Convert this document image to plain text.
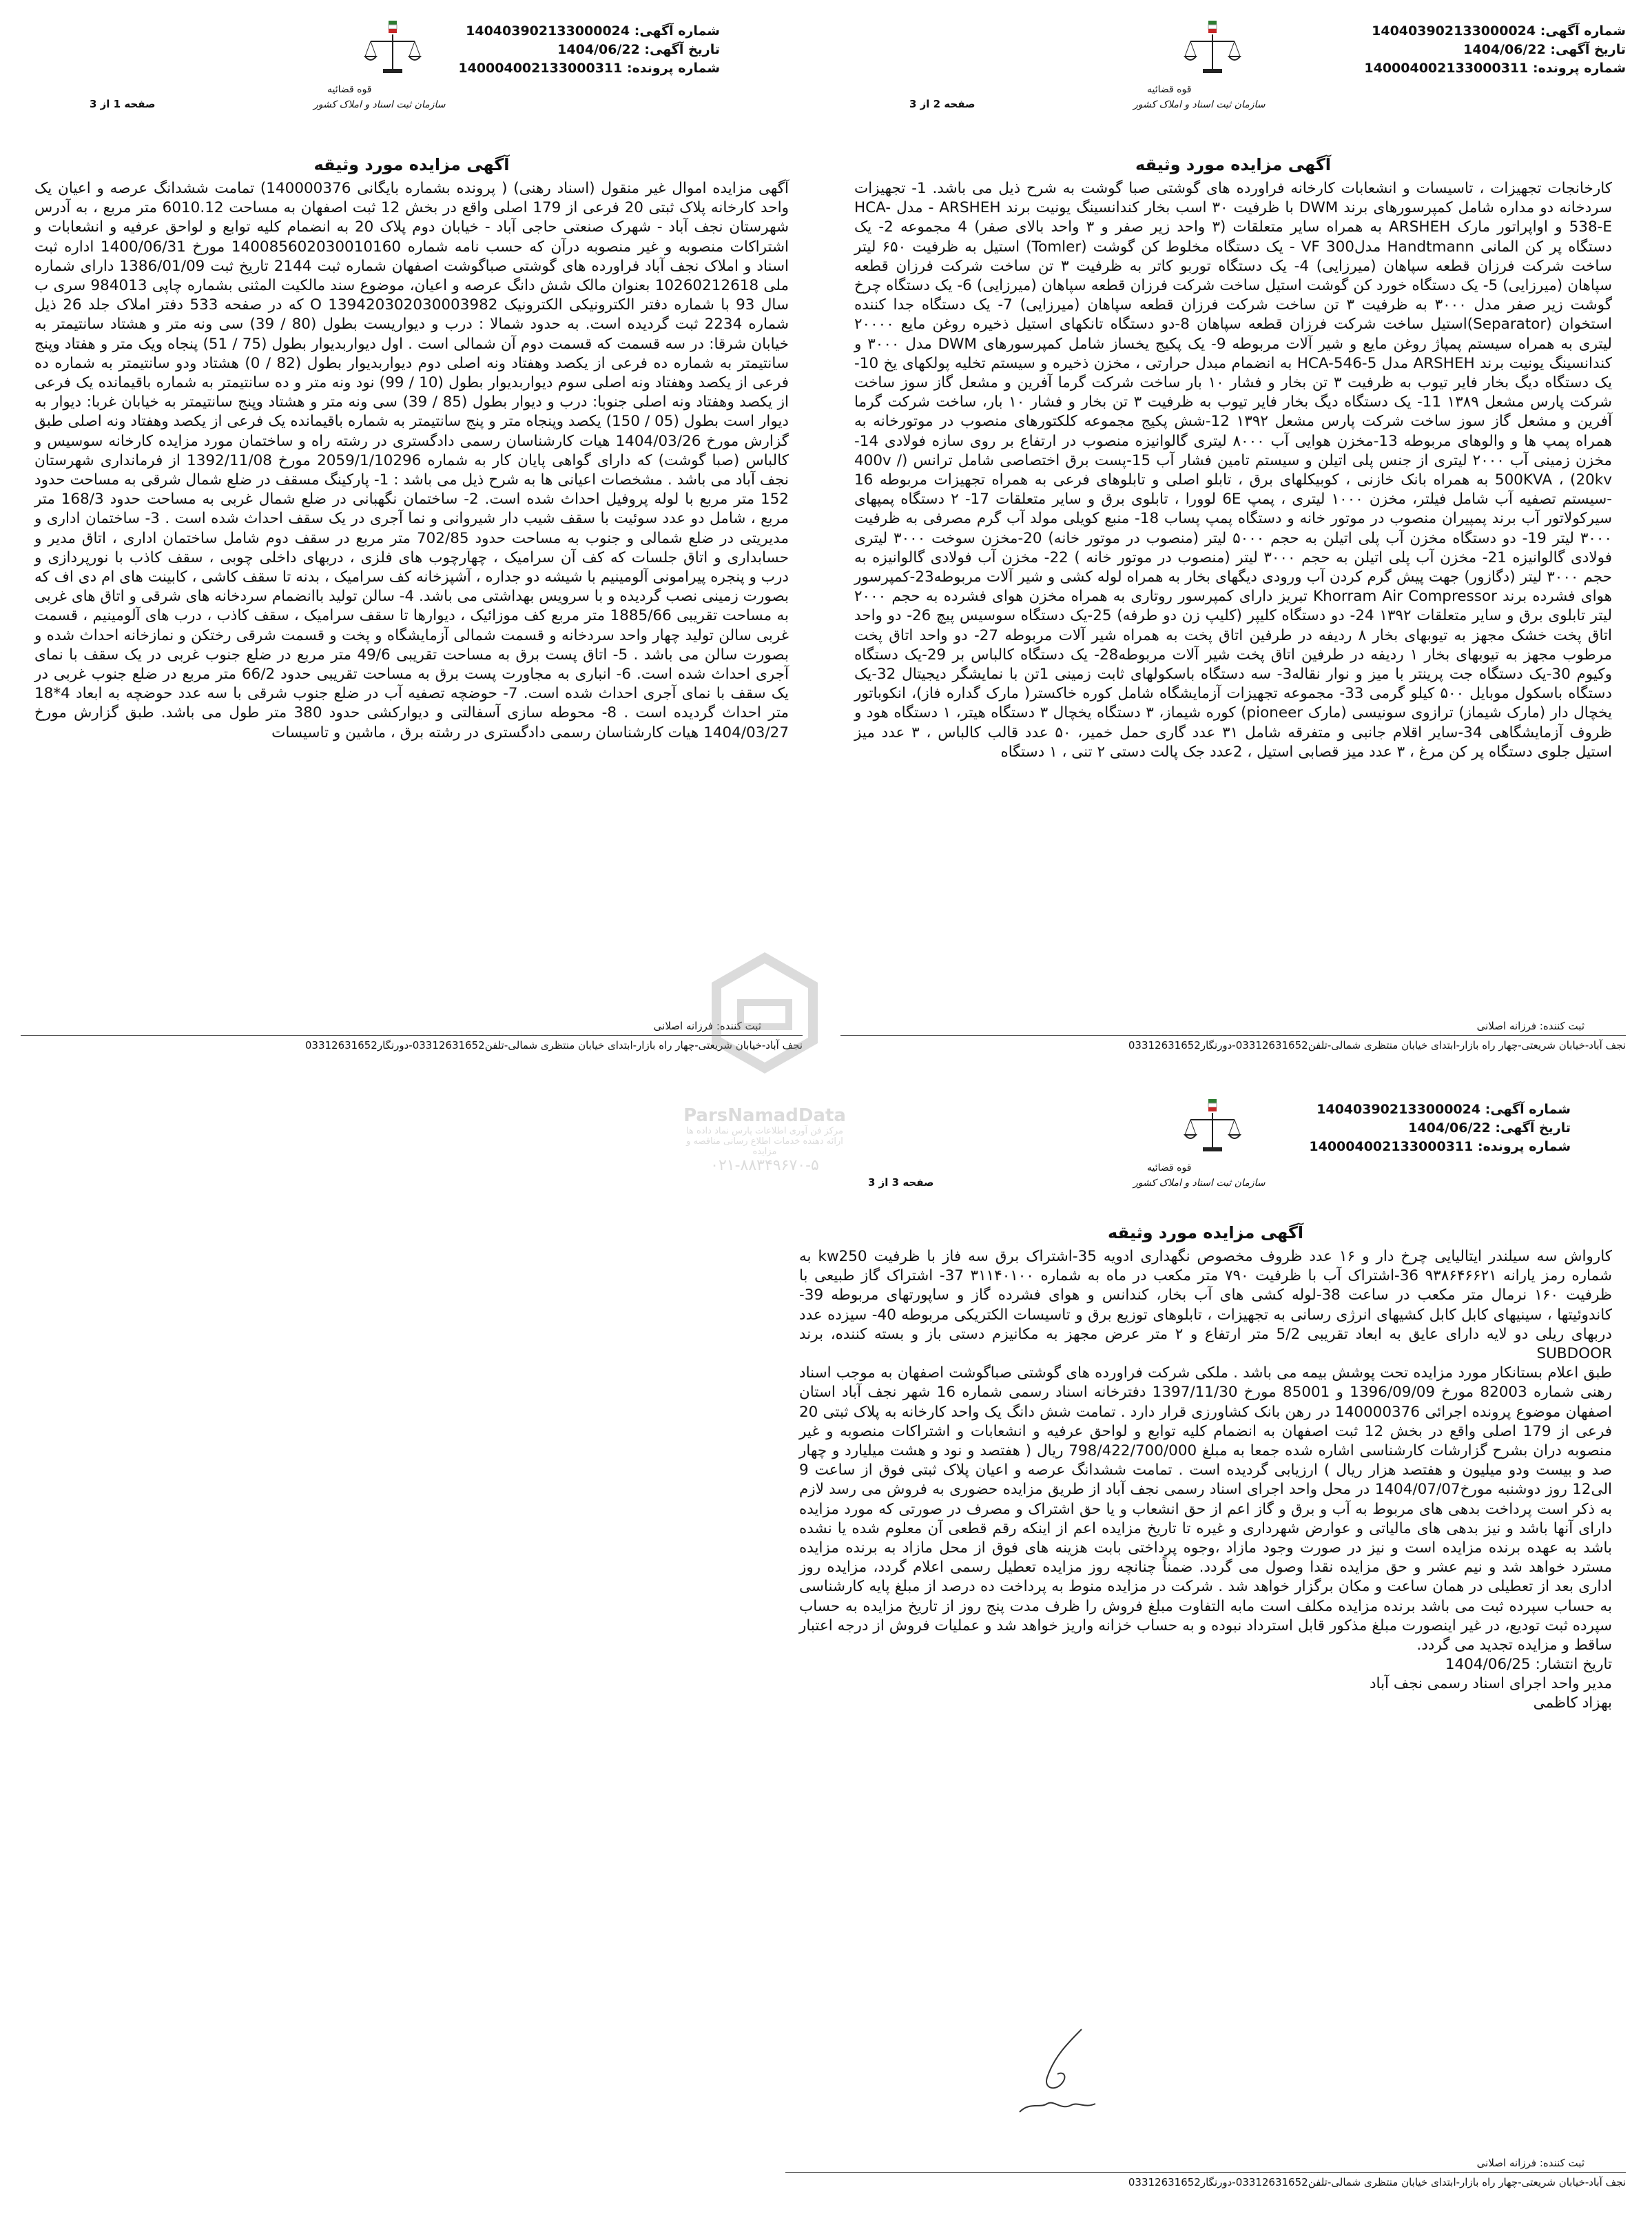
شماره آگهی: 140403902133000024
تاریخ آگهی: 1404/06/22
شماره پرونده: 140004002133000311
قوه قضائیه
سازمان ثبت اسناد و املاک کشور
صفحه 1 از 3
آگهی مزایده مورد وثیقه
آگهی مزایده اموال غیر منقول (اسناد رهنی) ( پرونده بشماره بایگانی 140000376) تمامت ششدانگ عرصه و اعیان یک واحد کارخانه پلاک ثبتی 20 فرعی از 179 اصلی واقع در بخش 12 ثبت اصفهان به مساحت 6010.12 متر مربع ، به آدرس شهرستان نجف آباد - شهرک صنعتی حاجی آباد - خیابان دوم پلاک 20 به انضمام کلیه توابع و لواحق عرفیه و انشعابات و اشتراکات منصوبه و غیر منصوبه درآن که حسب نامه شماره 140085602030010160 مورخ 1400/06/31 اداره ثبت اسناد و املاک نجف آباد فراورده های گوشتی صباگوشت اصفهان شماره ثبت 2144 تاریخ ثبت 1386/01/09 دارای شماره ملی 10260212618 بعنوان مالک شش دانگ عرصه و اعیان، موضوع سند مالکیت المثنی بشماره چاپی 984013 سری ب سال 93 با شماره دفتر الکترونیکی الکترونیک O 139420302030003982 که در صفحه 533 دفتر املاک جلد 26 ذیل شماره 2234 ثبت گردیده است. به حدود شمالا : درب و دیواریست بطول (80 / 39) سی ونه متر و هشتاد سانتیمتر به خیابان شرقا: در سه قسمت که قسمت دوم آن شمالی است . اول دیواربدیوار بطول (75 / 51) پنجاه ویک متر و هفتاد وپنج سانتیمتر به شماره ده فرعی از یکصد وهفتاد ونه اصلی دوم دیواربدیوار بطول (82 / 0) هشتاد ودو سانتیمتر به شماره ده فرعی از یکصد وهفتاد ونه اصلی سوم دیواربدیوار بطول (10 / 99) نود ونه متر و ده سانتیمتر به شماره باقیمانده یک فرعی از یکصد وهفتاد ونه اصلی جنوبا: درب و دیوار بطول (85 / 39) سی ونه متر و هشتاد وپنج سانتیمتر به خیابان غربا: دیوار به دیوار است بطول (05 / 150) یکصد وپنجاه متر و پنج سانتیمتر به شماره باقیمانده یک فرعی از یکصد وهفتاد ونه اصلی طبق گزارش مورخ 1404/03/26 هیات کارشناسان رسمی دادگستری در رشته راه و ساختمان مورد مزایده کارخانه سوسیس و کالباس (صبا گوشت) که دارای گواهی پایان کار به شماره 2059/1/10296 مورخ 1392/11/08 از فرمانداری شهرستان نجف آباد می باشد . مشخصات اعیانی ها به شرح ذیل می باشد : 1- پارکینگ مسقف در ضلع شمال شرقی به مساحت حدود 152 متر مربع با لوله پروفیل احداث شده است. 2- ساختمان نگهبانی در ضلع شمال غربی به مساحت حدود 168/3 متر مربع ، شامل دو عدد سوئیت با سقف شیب دار شیروانی و نما آجری در یک سقف احداث شده است . 3- ساختمان اداری و مدیریتی در ضلع شمالی و جنوب به مساحت حدود 702/85 متر مربع در سقف دوم شامل ساختمان اداری ، اتاق مدیر و حسابداری و اتاق جلسات که کف آن سرامیک ، چهارچوب های فلزی ، دربهای داخلی چوبی ، سقف کاذب با نورپردازی و درب و پنجره پیرامونی آلومینیم با شیشه دو جداره ، آشپزخانه کف سرامیک ، بدنه تا سقف کاشی ، کابینت های ام دی اف که بصورت زمینی نصب گردیده و با سرویس بهداشتی می باشد. 4- سالن تولید باانضمام سردخانه های شرقی و اتاق های غربی به مساحت تقریبی 1885/66 متر مربع کف موزائیک ، دیوارها تا سقف سرامیک ، سقف کاذب ، درب های آلومینیم ، قسمت غربی سالن تولید چهار واحد سردخانه و قسمت شمالی آزمایشگاه و پخت و قسمت شرقی رختکن و نمازخانه احداث شده و بصورت سالن می باشد . 5- اتاق پست برق به مساحت تقریبی 49/6 متر مربع در ضلع جنوب غربی در یک سقف با نمای آجری احداث شده است. 6- انباری به مجاورت پست برق به مساحت تقریبی حدود 66/2 متر مربع در ضلع جنوب غربی در یک سقف با نمای آجری احداث شده است. 7- حوضچه تصفیه آب در ضلع جنوب شرقی با سه عدد حوضچه به ابعاد 4*18 متر احداث گردیده است . 8- محوطه سازی آسفالتی و دیوارکشی حدود 380 متر طول می باشد. طبق گزارش مورخ 1404/03/27 هیات کارشناسان رسمی دادگستری در رشته برق ، ماشین و تاسیسات
ثبت کننده: فرزانه اصلانی
نجف آباد-خیابان شریعتی-چهار راه بازار-ابتدای خیابان منتظری شمالی-تلفن03312631652-دورنگار03312631652
شماره آگهی: 140403902133000024
تاریخ آگهی: 1404/06/22
شماره پرونده: 140004002133000311
قوه قضائیه
سازمان ثبت اسناد و املاک کشور
صفحه 2 از 3
آگهی مزایده مورد وثیقه
کارخانجات تجهیزات ، تاسیسات و انشعابات کارخانه فراورده های گوشتی صبا گوشت به شرح ذیل می باشد. 1- تجهیزات سردخانه دو مداره شامل کمپرسورهای برند DWM با ظرفیت ۳۰ اسب بخار کندانسینگ یونیت برند ARSHEH - مدل HCA-538-E و اواپراتور مارک ARSHEH به همراه سایر متعلقات (۳ واحد زیر صفر و ۳ واحد بالای صفر) 4 مجموعه 2- یک دستگاه پر کن المانی Handtmann مدل300 VF - یک دستگاه مخلوط کن گوشت (Tomler) استیل به ظرفیت ۶۵۰ لیتر ساخت شرکت فرزان قطعه سپاهان (میرزایی) 4- یک دستگاه توربو کاتر به ظرفیت ۳ تن ساخت شرکت فرزان قطعه سپاهان (میرزایی) 5- یک دستگاه خورد کن گوشت استیل ساخت شرکت فرزان قطعه سپاهان (میرزایی) 6- یک دستگاه چرخ گوشت زیر صفر مدل ۳۰۰۰ به ظرفیت ۳ تن ساخت شرکت فرزان قطعه سپاهان (میرزایی) 7- یک دستگاه جدا کننده استخوان (Separator)استیل ساخت شرکت فرزان قطعه سپاهان 8-دو دستگاه تانکهای استیل ذخیره روغن مایع ۲۰۰۰۰ لیتری به همراه سیستم پمپاژ روغن مایع و شیر آلات مربوطه 9- یک پکیج یخساز شامل کمپرسورهای DWM مدل ۳۰۰۰ و کندانسینگ یونیت برند ARSHEH مدل HCA-546-5 به انضمام مبدل حرارتی ، مخزن ذخیره و سیستم تخلیه پولکهای یخ 10- یک دستگاه دیگ بخار فایر تیوب به ظرفیت ۳ تن بخار و فشار ۱۰ بار ساخت شرکت گرما آفرین و مشعل گاز سوز ساخت شرکت پارس مشعل ۱۳۸۹ 11- یک دستگاه دیگ بخار فایر تیوب به ظرفیت ۳ تن بخار و فشار ۱۰ بار، ساخت شرکت گرما آفرین و مشعل گاز سوز ساخت شرکت پارس مشعل ۱۳۹۲ 12-شش پکیج مجموعه کلکتورهای منصوب در موتورخانه به همراه پمپ ها و والوهای مربوطه 13-مخزن هوایی آب ۸۰۰۰ لیتری گالوانیزه منصوب در ارتفاع بر روی سازه فولادی 14- مخزن زمینی آب ۲۰۰۰ لیتری از جنس پلی اتیلن و سیستم تامین فشار آب 15-پست برق اختصاصی شامل ترانس (400v / 20kv) ، 500KVA به همراه بانک خازنی ، کوبیکلهای برق ، تابلو اصلی و تابلوهای فرعی به همراه تجهیزات مربوطه 16 -سیستم تصفیه آب شامل فیلتر، مخزن ۱۰۰۰ لیتری ، پمپ 6E لوورا ، تابلوی برق و سایر متعلقات 17- ۲ دستگاه پمپهای سیرکولاتور آب برند پمپیران منصوب در موتور خانه و دستگاه پمپ پساب 18- منبع کویلی مولد آب گرم مصرفی به ظرفیت ۳۰۰۰ لیتر 19- دو دستگاه مخزن آب پلی اتیلن به حجم ۵۰۰۰ لیتر (منصوب در موتور خانه) 20-مخزن سوخت ۳۰۰۰ لیتری فولادی گالوانیزه 21- مخزن آب پلی اتیلن به حجم ۳۰۰۰ لیتر (منصوب در موتور خانه ) 22- مخزن آب فولادی گالوانیزه به حجم ۳۰۰۰ لیتر (دگازور) جهت پیش گرم کردن آب ورودی دیگهای بخار به همراه لوله کشی و شیر آلات مربوطه23-کمپرسور هوای فشرده برند Khorram Air Compressor تبریز دارای کمپرسور روتاری به همراه مخزن هوای فشرده به حجم ۲۰۰۰ لیتر تابلوی برق و سایر متعلقات ۱۳۹۲ 24- دو دستگاه کلیپر (کلیپ زن دو طرفه) 25-یک دستگاه سوسیس پیچ 26- دو واحد اتاق پخت خشک مجهز به تیوبهای بخار ۸ ردیفه در طرفین اتاق پخت به همراه شیر آلات مربوطه 27- دو واحد اتاق پخت مرطوب مجهز به تیوبهای بخار ۱ ردیفه در طرفین اتاق پخت شیر آلات مربوطه28- یک دستگاه کالباس بر 29-یک دستگاه وکیوم 30-یک دستگاه جت پرینتر با میز و نوار نقاله3- سه دستگاه باسکولهای ثابت زمینی 1تن با نمایشگر دیجیتال 32-یک دستگاه باسکول موبایل ۵۰۰ کیلو گرمی 33- مجموعه تجهیزات آزمایشگاه شامل کوره خاکستر( مارک گداره فاز)، انکوباتور یخچال دار (مارک شیماز) ترازوی سونیسی (مارک pioneer) کوره شیماز، ۳ دستگاه یخچال ۳ دستگاه هیتر، ۱ دستگاه هود و ظروف آزمایشگاهی 34-سایر اقلام جانبی و متفرقه شامل ۳۱ عدد گاری حمل خمیر، ۵۰ عدد قالب کالباس ، ۳ عدد میز استیل جلوی دستگاه پر کن مرغ ، ۳ عدد میز قصابی استیل ، 2عدد جک پالت دستی ۲ تنی ، ۱ دستگاه
ثبت کننده: فرزانه اصلانی
نجف آباد-خیابان شریعتی-چهار راه بازار-ابتدای خیابان منتظری شمالی-تلفن03312631652-دورنگار03312631652
شماره آگهی: 140403902133000024
تاریخ آگهی: 1404/06/22
شماره پرونده: 140004002133000311
قوه قضائیه
سازمان ثبت اسناد و املاک کشور
صفحه 3 از 3
آگهی مزایده مورد وثیقه
کارواش سه سیلندر ایتالیایی چرخ دار و ۱۶ عدد ظروف مخصوص نگهداری ادویه 35-اشتراک برق سه فاز با ظرفیت kw250 به شماره رمز یارانه ۹۳۸۶۴۶۶۲۱ 36-اشتراک آب با ظرفیت ۷۹۰ متر مکعب در ماه به شماره ۳۱۱۴۰۱۰۰ 37- اشتراک گاز طبیعی با ظرفیت ۱۶۰ نرمال متر مکعب در ساعت 38-لوله کشی های آب بخار، کندانس و هوای فشرده گاز و ساپورتهای مربوطه 39- کاندوئیتها ، سینیهای کابل کابل کشیهای انرژی رسانی به تجهیزات ، تابلوهای توزیع برق و تاسیسات الکتریکی مربوطه 40- سیزده عدد دربهای ریلی دو لایه دارای عایق به ابعاد تقریبی 5/2 متر ارتفاع و ۲ متر عرض مجهز به مکانیزم دستی باز و بسته کننده، برند SUBDOOR
طبق اعلام بستانکار مورد مزایده تحت پوشش بیمه می باشد . ملکی شرکت فراورده های گوشتی صباگوشت اصفهان به موجب اسناد رهنی شماره 82003 مورخ 1396/09/09 و 85001 مورخ 1397/11/30 دفترخانه اسناد رسمی شماره 16 شهر نجف آباد استان اصفهان موضوع پرونده اجرائی 140000376 در رهن بانک کشاورزی قرار دارد . تمامت شش دانگ یک واحد کارخانه به پلاک ثبتی 20 فرعی از 179 اصلی واقع در بخش 12 ثبت اصفهان به انضمام کلیه توابع و لواحق عرفیه و انشعابات و اشتراکات منصوبه و غیر منصوبه دران بشرح گزارشات کارشناسی اشاره شده جمعا به مبلغ 798/422/700/000 ریال ( هفتصد و نود و هشت میلیارد و چهار صد و بیست ودو میلیون و هفتصد هزار ریال ) ارزیابی گردیده است . تمامت ششدانگ عرصه و اعیان پلاک ثبتی فوق از ساعت 9 الی12 روز دوشنبه مورخ1404/07/07 در محل واحد اجرای اسناد رسمی نجف آباد از طریق مزایده حضوری به فروش می رسد لازم به ذکر است پرداخت بدهی های مربوط به آب و برق و گاز اعم از حق انشعاب و یا حق اشتراک و مصرف در صورتی که مورد مزایده دارای آنها باشد و نیز بدهی های مالیاتی و عوارض شهرداری و غیره تا تاریخ مزایده اعم از اینکه رقم قطعی آن معلوم شده یا نشده باشد به عهده برنده مزایده است و نیز در صورت وجود مازاد ،وجوه پرداختی بابت هزینه های فوق از محل مازاد به برنده مزایده مسترد خواهد شد و نیم عشر و حق مزایده نقدا وصول می گردد. ضمناً چنانچه روز مزایده تعطیل رسمی اعلام گردد، مزایده روز اداری بعد از تعطیلی در همان ساعت و مکان برگزار خواهد شد . شرکت در مزایده منوط به پرداخت ده درصد از مبلغ پایه کارشناسی به حساب سپرده ثبت می باشد برنده مزایده مکلف است مابه التفاوت مبلغ فروش را ظرف مدت پنج روز از تاریخ مزایده به حساب سپرده ثبت تودیع، در غیر اینصورت مبلغ مذکور قابل استرداد نبوده و به حساب خزانه واریز خواهد شد و عملیات فروش از درجه اعتبار ساقط و مزایده تجدید می گردد.
تاریخ انتشار: 1404/06/25
مدیر واحد اجرای اسناد رسمی نجف آباد
بهزاد کاظمی
ثبت کننده: فرزانه اصلانی
نجف آباد-خیابان شریعتی-چهار راه بازار-ابتدای خیابان منتظری شمالی-تلفن03312631652-دورنگار03312631652
ParsNamadData
مرکز فن آوری اطلاعات پارس نماد داده ها
ارائه دهنده خدمات اطلاع رسانی مناقصه و مزایده
۰۲۱-۸۸۳۴۹۶۷۰-۵
